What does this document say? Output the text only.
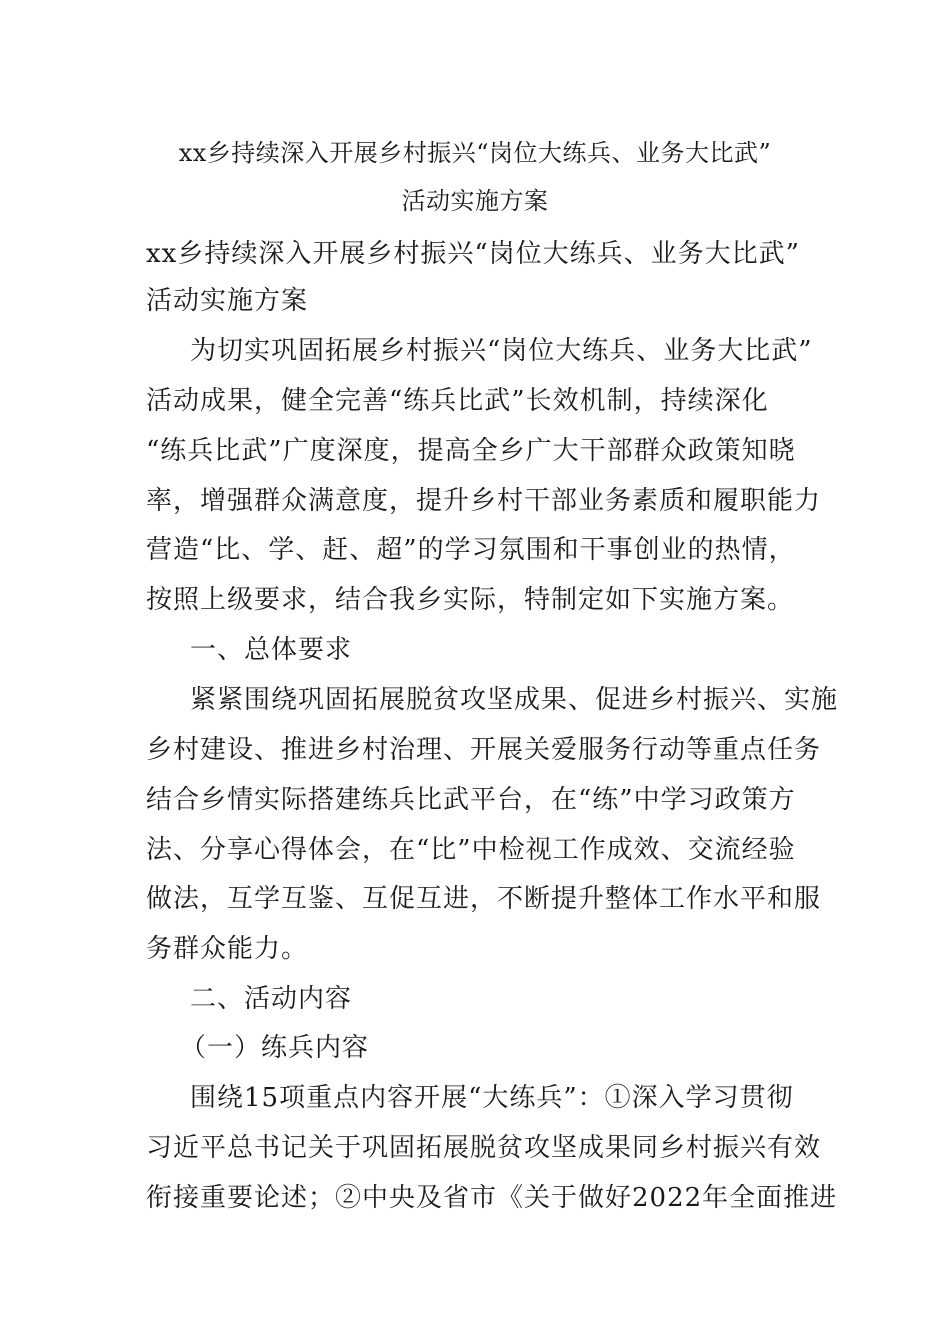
xx乡持续深入开展乡村振兴“岗位大练兵、业务大比武”
活动实施方案
xx乡持续深入开展乡村振兴“岗位大练兵、业务大比武”
活动实施方案
为切实巩固拓展乡村振兴“岗位大练兵、业务大比武”
活动成果，健全完善“练兵比武”长效机制，持续深化
“练兵比武”广度深度，提高全乡广大干部群众政策知晓
率，增强群众满意度，提升乡村干部业务素质和履职能力
营造“比、学、赶、超”的学习氛围和干事创业的热情，
按照上级要求，结合我乡实际，特制定如下实施方案。
一、总体要求
紧紧围绕巩固拓展脱贫攻坚成果、促进乡村振兴、实施
乡村建设、推进乡村治理、开展关爱服务行动等重点任务
结合乡情实际搭建练兵比武平台，在“练”中学习政策方
法、分享心得体会，在“比”中检视工作成效、交流经验
做法，互学互鉴、互促互进，不断提升整体工作水平和服
务群众能力。
二、活动内容
（一）练兵内容
围绕15项重点内容开展“大练兵”：①深入学习贯彻
习近平总书记关于巩固拓展脱贫攻坚成果同乡村振兴有效
衔接重要论述；②中央及省市《关于做好2022年全面推进
